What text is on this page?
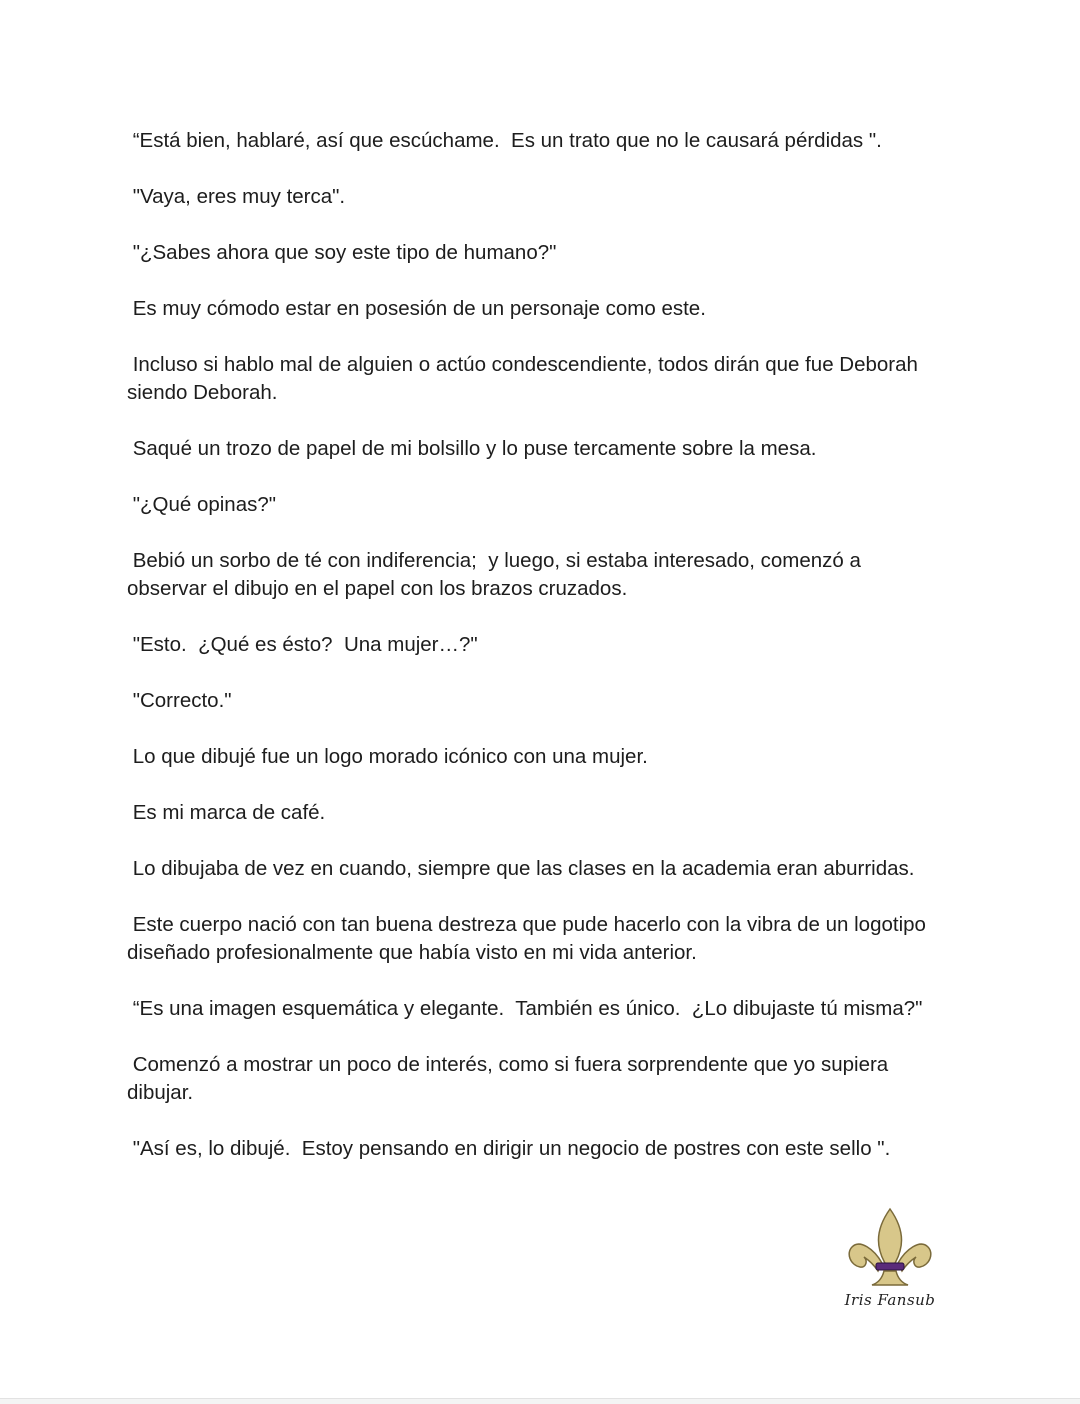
“Está bien, hablaré, así que escúchame.  Es un trato que no le causará pérdidas ".

"Vaya, eres muy terca".

"¿Sabes ahora que soy este tipo de humano?"

Es muy cómodo estar en posesión de un personaje como este.

Incluso si hablo mal de alguien o actúo condescendiente, todos dirán que fue Deborah
siendo Deborah.

Saqué un trozo de papel de mi bolsillo y lo puse tercamente sobre la mesa.

"¿Qué opinas?"

Bebió un sorbo de té con indiferencia;  y luego, si estaba interesado, comenzó a
observar el dibujo en el papel con los brazos cruzados.

"Esto.  ¿Qué es ésto?  Una mujer…?"

"Correcto."

Lo que dibujé fue un logo morado icónico con una mujer.

Es mi marca de café.

Lo dibujaba de vez en cuando, siempre que las clases en la academia eran aburridas.

Este cuerpo nació con tan buena destreza que pude hacerlo con la vibra de un logotipo
diseñado profesionalmente que había visto en mi vida anterior.

“Es una imagen esquemática y elegante.  También es único.  ¿Lo dibujaste tú misma?"

Comenzó a mostrar un poco de interés, como si fuera sorprendente que yo supiera
dibujar.

"Así es, lo dibujé.  Estoy pensando en dirigir un negocio de postres con este sello ".

Iris Fansub
